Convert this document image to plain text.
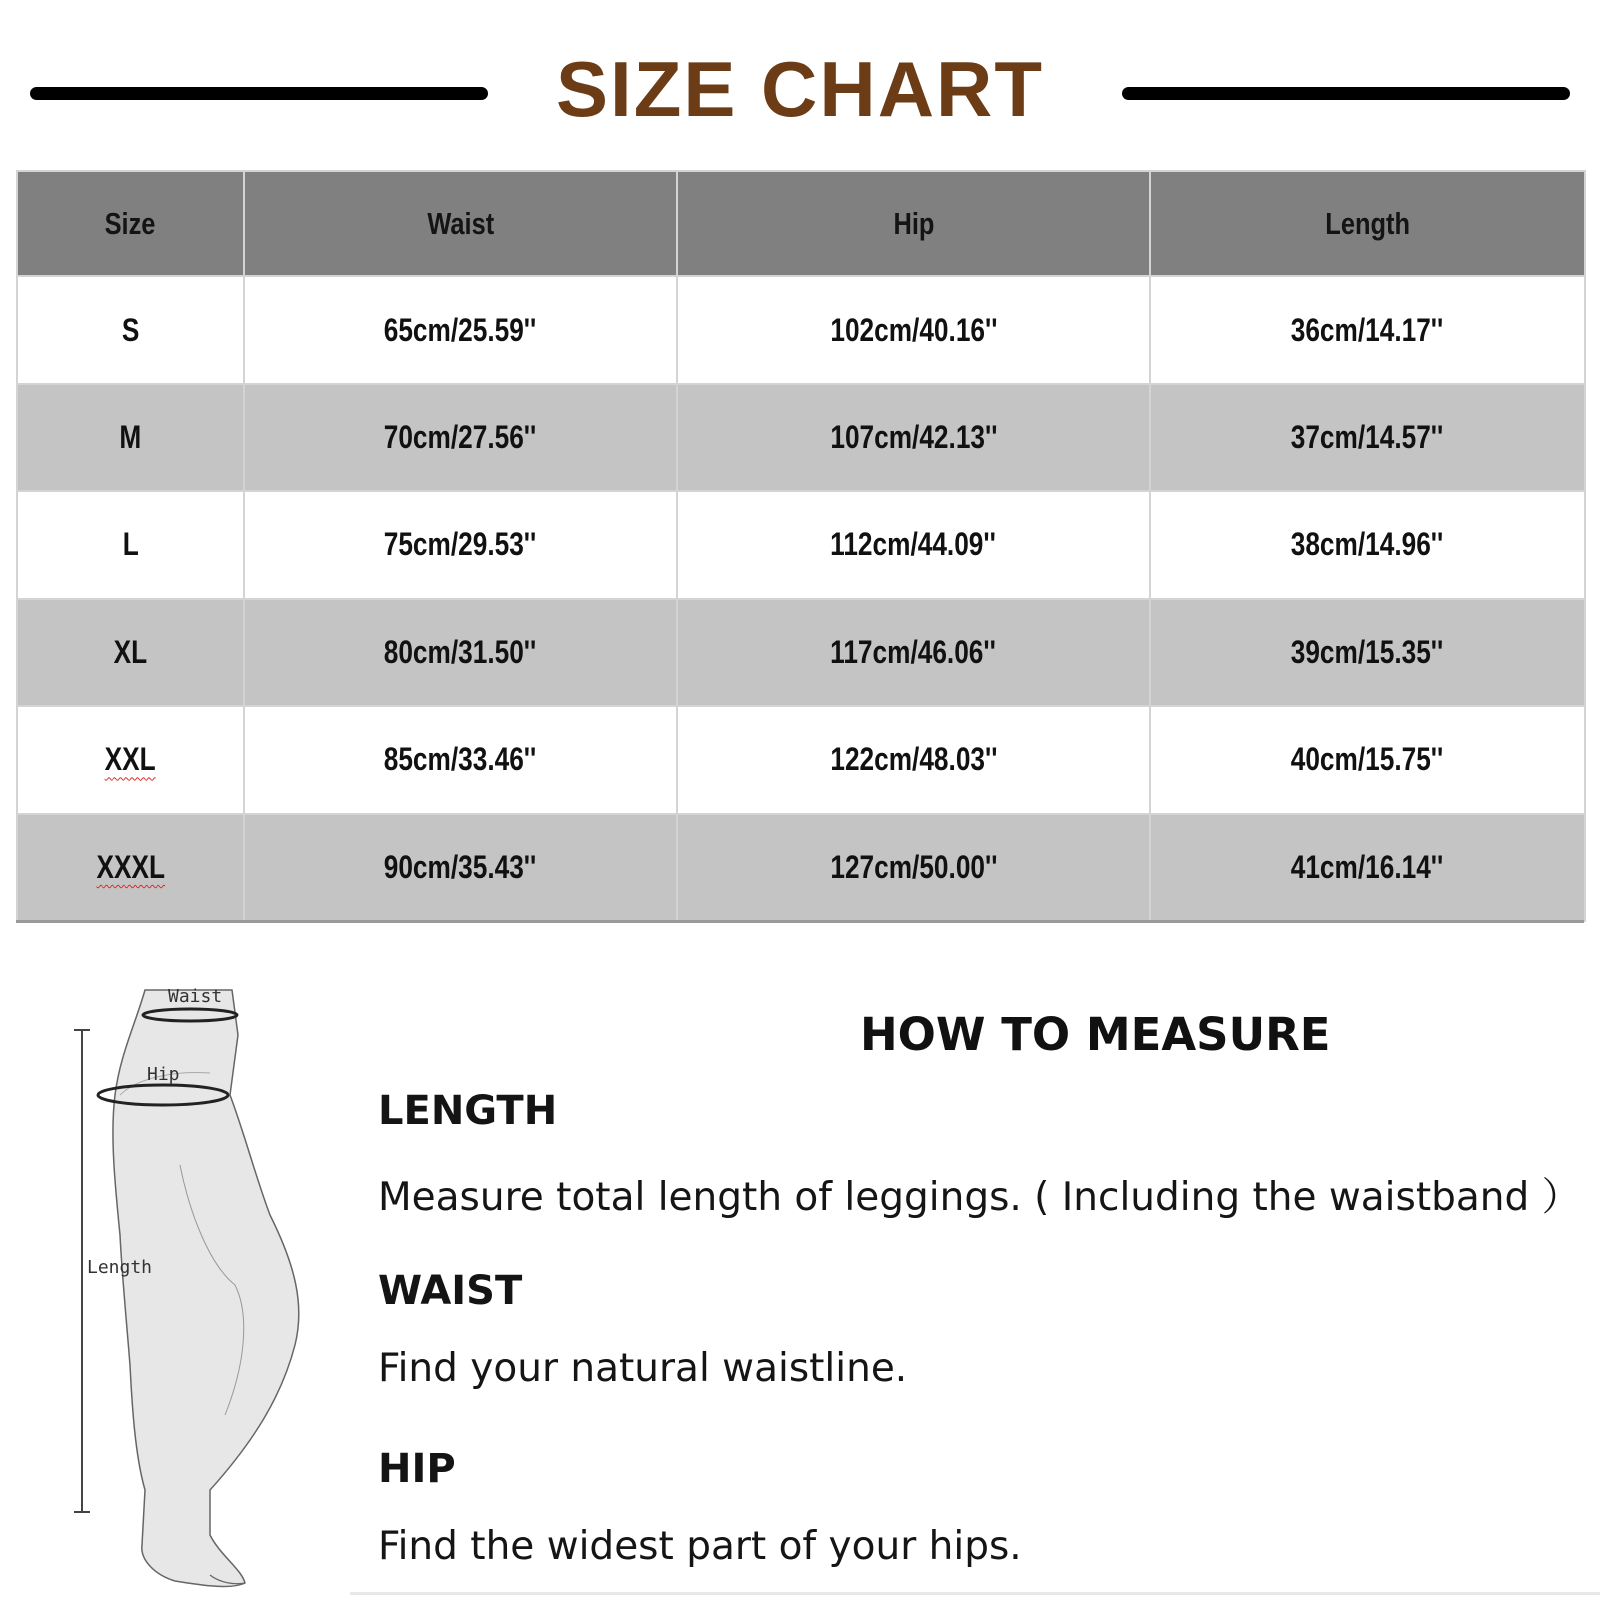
SIZE CHART
Size	Waist	Hip	Length
S	65cm/25.59''	102cm/40.16''	36cm/14.17''
M	70cm/27.56''	107cm/42.13''	37cm/14.57''
L	75cm/29.53''	112cm/44.09''	38cm/14.96''
XL	80cm/31.50''	117cm/46.06''	39cm/15.35''
XXL	85cm/33.46''	122cm/48.03''	40cm/15.75''
XXXL	90cm/35.43''	127cm/50.00''	41cm/16.14''
Waist
Hip
Length
HOW TO MEASURE
LENGTH
Measure total length of leggings. ( Including the waistband ）
WAIST
Find your natural waistline.
HIP
Find the widest part of your hips.
